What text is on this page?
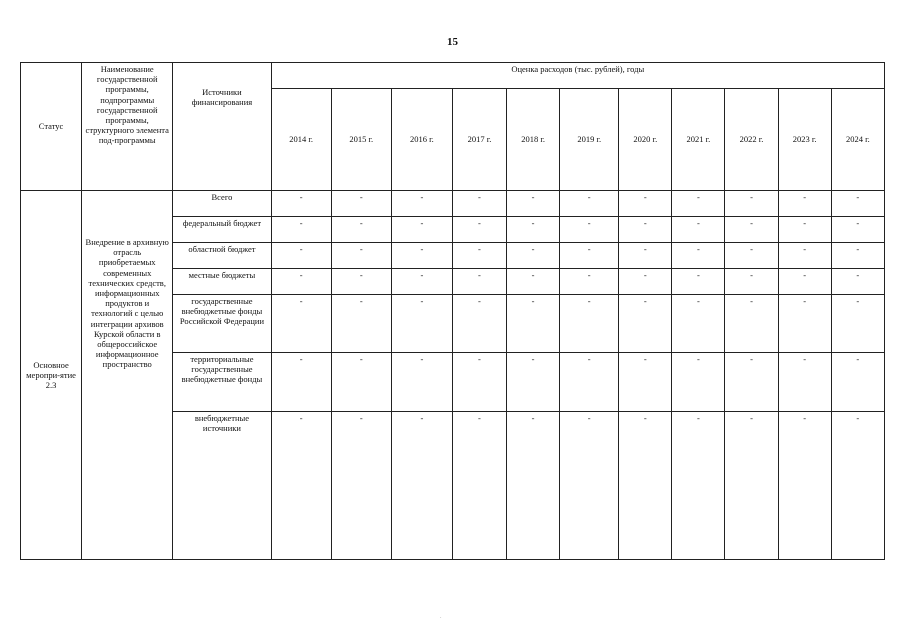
15
Статус	Наименование государственной программы, подпрограммы государственной программы, структурного элемента под-программы	Источники финансирования	Оценка расходов (тыс. рублей), годы										
			2014 г.	2015 г.	2016 г.	2017 г.	2018 г.	2019 г.	2020 г.	2021 г.	2022 г.	2023 г.	2024 г.
Основное меропри-ятие 2.3	Внедрение в архивную отрасль приобретаемых современных технических средств, информационных продуктов и технологий с целью интеграции архивов Курской области в общероссийское информационное пространство	Всего	-	-	-	-	-	-	-	-	-	-	-
		федеральный бюджет	-	-	-	-	-	-	-	-	-	-	-
		областной бюджет	-	-	-	-	-	-	-	-	-	-	-
		местные бюджеты	-	-	-	-	-	-	-	-	-	-	-
		государственные внебюджетные фонды Российской Федерации	-	-	-	-	-	-	-	-	-	-	-
		территориальные государственные внебюджетные фонды	-	-	-	-	-	-	-	-	-	-	-
		внебюджетные источники	-	-	-	-	-	-	-	-	-	-	-
.
